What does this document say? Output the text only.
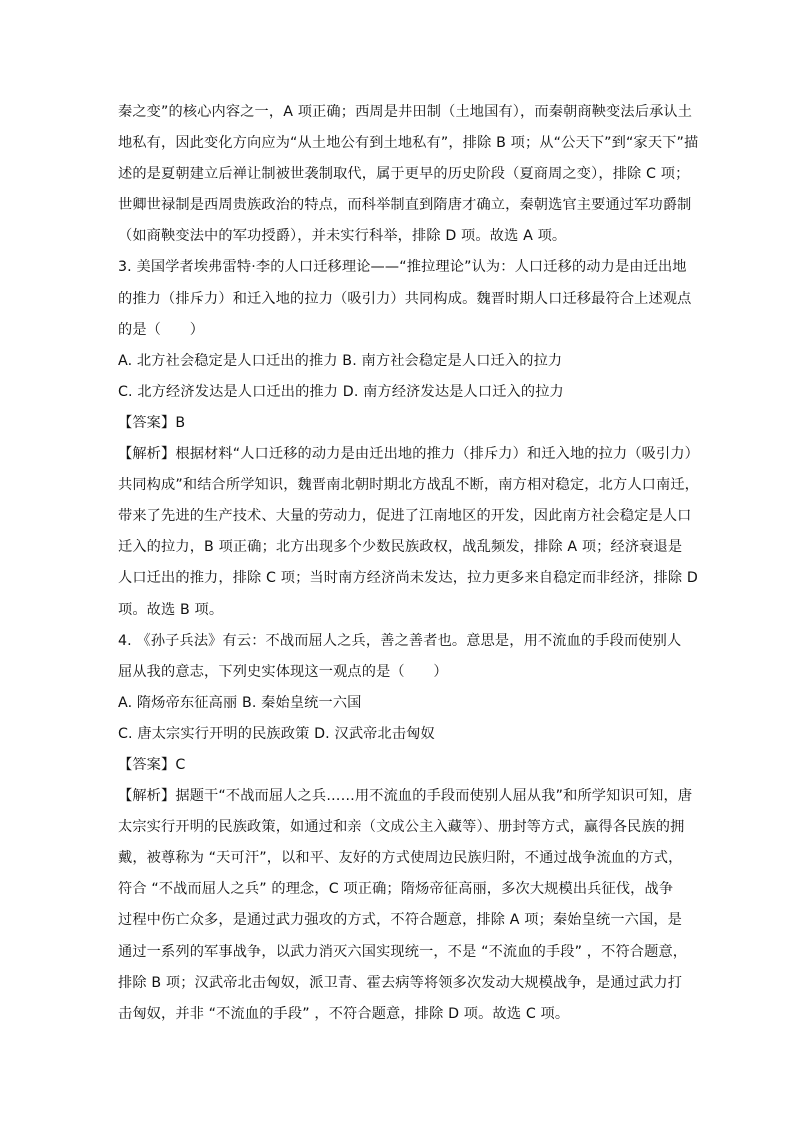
秦之变”的核心内容之一，A 项正确；西周是井田制（土地国有），而秦朝商鞅变法后承认土
地私有，因此变化方向应为“从土地公有到土地私有”，排除 B 项；从“公天下”到“家天下”描
述的是夏朝建立后禅让制被世袭制取代，属于更早的历史阶段（夏商周之变），排除 C 项；
世卿世禄制是西周贵族政治的特点，而科举制直到隋唐才确立，秦朝选官主要通过军功爵制
（如商鞅变法中的军功授爵），并未实行科举，排除 D 项。故选 A 项。
3. 美国学者埃弗雷特·李的人口迁移理论——“推拉理论”认为：人口迁移的动力是由迁出地
的推力（排斥力）和迁入地的拉力（吸引力）共同构成。魏晋时期人口迁移最符合上述观点
的是（　　）
A. 北方社会稳定是人口迁出的推力 B. 南方社会稳定是人口迁入的拉力
C. 北方经济发达是人口迁出的推力 D. 南方经济发达是人口迁入的拉力
【答案】B
【解析】根据材料“人口迁移的动力是由迁出地的推力（排斥力）和迁入地的拉力（吸引力）
共同构成”和结合所学知识，魏晋南北朝时期北方战乱不断，南方相对稳定，北方人口南迁，
带来了先进的生产技术、大量的劳动力，促进了江南地区的开发，因此南方社会稳定是人口
迁入的拉力，B 项正确；北方出现多个少数民族政权，战乱频发，排除 A 项；经济衰退是
人口迁出的推力，排除 C 项；当时南方经济尚未发达，拉力更多来自稳定而非经济，排除 D
项。故选 B 项。
4. 《孙子兵法》有云：不战而屈人之兵，善之善者也。意思是，用不流血的手段而使别人
屈从我的意志，下列史实体现这一观点的是（　　）
A. 隋炀帝东征高丽 B. 秦始皇统一六国
C. 唐太宗实行开明的民族政策 D. 汉武帝北击匈奴
【答案】C
【解析】据题干“不战而屈人之兵……用不流血的手段而使别人屈从我”和所学知识可知，唐
太宗实行开明的民族政策，如通过和亲（文成公主入藏等）、册封等方式，赢得各民族的拥
戴，被尊称为 “天可汗”，以和平、友好的方式使周边民族归附，不通过战争流血的方式，
符合 “不战而屈人之兵” 的理念，C 项正确；隋炀帝征高丽，多次大规模出兵征伐，战争
过程中伤亡众多，是通过武力强攻的方式，不符合题意，排除 A 项；秦始皇统一六国，是
通过一系列的军事战争，以武力消灭六国实现统一，不是 “不流血的手段” ，不符合题意，
排除 B 项；汉武帝北击匈奴，派卫青、霍去病等将领多次发动大规模战争，是通过武力打
击匈奴，并非 “不流血的手段” ，不符合题意，排除 D 项。故选 C 项。
